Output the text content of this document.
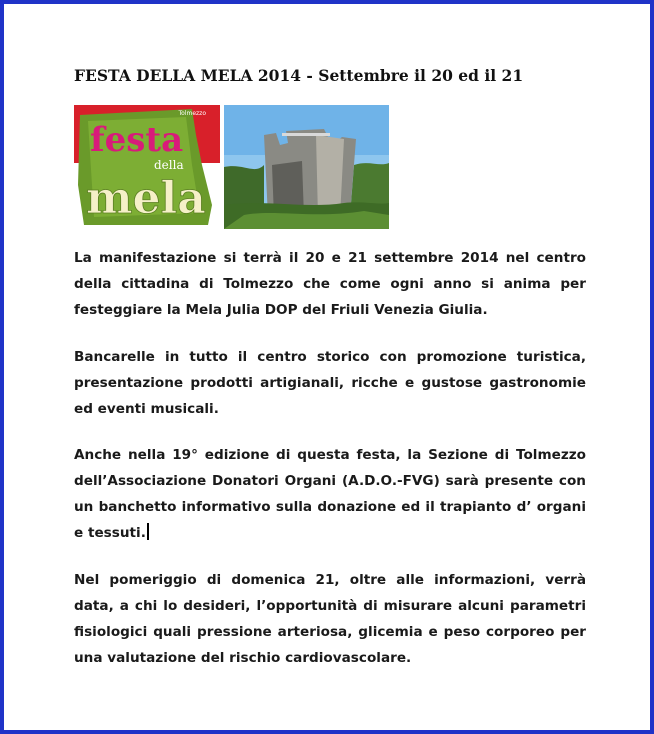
FESTA DELLA MELA 2014 - Settembre il 20 ed il 21
Tolmezzo
festa
della
mela

La manifestazione si terrà il 20 e 21 settembre 2014 nel centro della cittadina di Tolmezzo che come ogni anno si anima per festeggiare la Mela Julia DOP del Friuli Venezia Giulia.

Bancarelle in tutto il centro storico con promozione turistica, presentazione prodotti artigianali, ricche e gustose gastronomie ed eventi musicali.

Anche nella 19° edizione di questa festa, la Sezione di Tolmezzo dell’Associazione Donatori Organi (A.D.O.-FVG) sarà presente con un banchetto informativo sulla donazione ed il trapianto d’ organi e tessuti.

Nel pomeriggio di domenica 21, oltre alle informazioni, verrà data, a chi lo desideri, l’opportunità di misurare alcuni parametri fisiologici quali pressione arteriosa, glicemia e peso corporeo per una valutazione del rischio cardiovascolare.
